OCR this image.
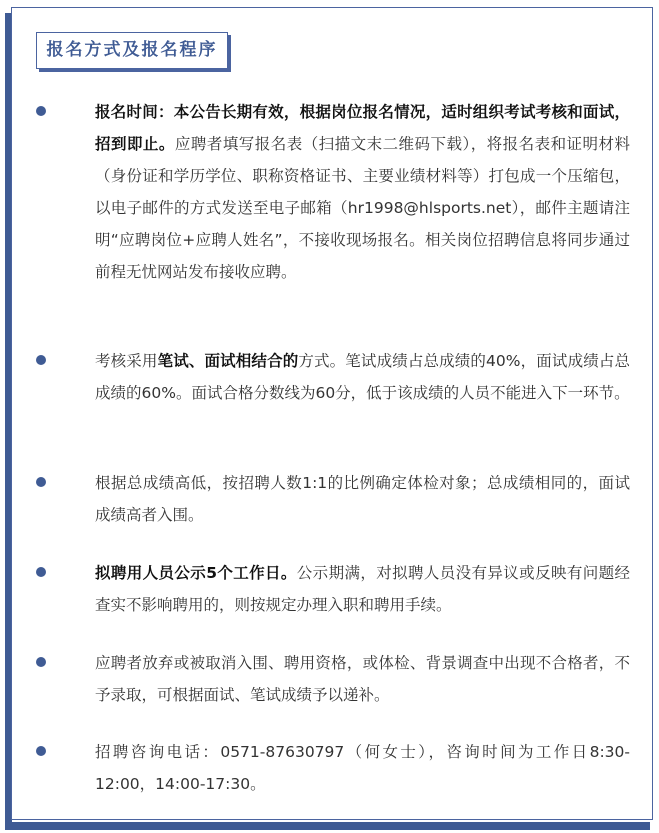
报名方式及报名程序
报名时间：本公告长期有效，根据岗位报名情况，适时组织考试考核和面试，招到即止。应聘者填写报名表（扫描文末二维码下载），将报名表和证明材料（身份证和学历学位、职称资格证书、主要业绩材料等）打包成一个压缩包，以电子邮件的方式发送至电子邮箱（hr1998@hlsports.net），邮件主题请注明“应聘岗位+应聘人姓名”，不接收现场报名。相关岗位招聘信息将同步通过前程无忧网站发布接收应聘。
考核采用笔试、面试相结合的方式。笔试成绩占总成绩的40%，面试成绩占总成绩的60%。面试合格分数线为60分，低于该成绩的人员不能进入下一环节。
根据总成绩高低，按招聘人数1:1的比例确定体检对象；总成绩相同的，面试成绩高者入围。
拟聘用人员公示5个工作日。公示期满，对拟聘人员没有异议或反映有问题经查实不影响聘用的，则按规定办理入职和聘用手续。
应聘者放弃或被取消入围、聘用资格，或体检、背景调查中出现不合格者，不予录取，可根据面试、笔试成绩予以递补。
招聘咨询电话：0571-87630797（何女士），咨询时间为工作日8:30-12:00，14:00-17:30。
